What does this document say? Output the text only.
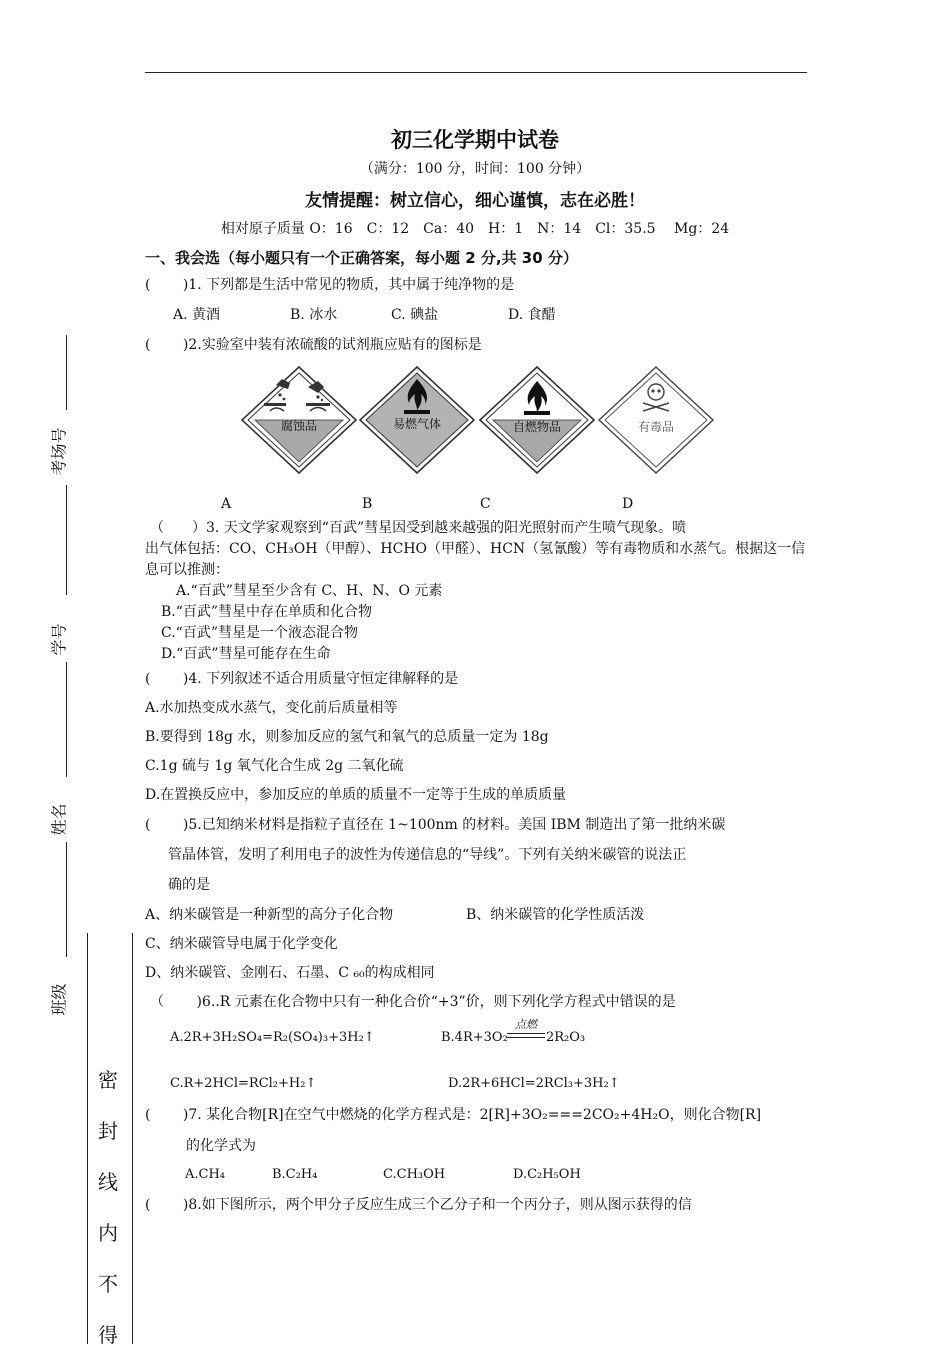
初三化学期中试卷
（满分：100 分，时间：100 分钟）
友情提醒：树立信心，细心谨慎，志在必胜！
相对原子质量 O：16　C：12　Ca：40　H：1　N：14　Cl：35.5　 Mg：24
考场号
学号
姓名
班级
密
封
线
内
不
得
一、我会选（每小题只有一个正确答案，每小题 2 分,共 30 分）
(　　 )1. 下列都是生活中常见的物质，其中属于纯净物的是
A. 黄酒	B. 冰水	C. 碘盐	D. 食醋
(　　 )2.实验室中装有浓硫酸的试剂瓶应贴有的图标是
腐蚀品	易燃气体	自燃物品	有毒品
A	B	C	D
（　　）3. 天文学家观察到“百武”彗星因受到越来越强的阳光照射而产生喷气现象。喷
出气体包括：CO、CH₃OH（甲醇）、HCHO（甲醛）、HCN（氢氰酸）等有毒物质和水蒸气。根据这一信
息可以推测：
A.“百武”彗星至少含有 C、H、N、O 元素
B.“百武”彗星中存在单质和化合物
C.“百武”彗星是一个液态混合物
D.“百武”彗星可能存在生命
(　　 )4. 下列叙述不适合用质量守恒定律解释的是
A.水加热变成水蒸气，变化前后质量相等
B.要得到 18g 水，则参加反应的氢气和氧气的总质量一定为 18g
C.1g 硫与 1g 氧气化合生成 2g 二氧化硫
D.在置换反应中，参加反应的单质的质量不一定等于生成的单质质量
(　　 )5.已知纳米材料是指粒子直径在 1~100nm 的材料。美国 IBM 制造出了第一批纳米碳
管晶体管，发明了利用电子的波性为传递信息的“导线”。下列有关纳米碳管的说法正
确的是
A、纳米碳管是一种新型的高分子化合物	B、纳米碳管的化学性质活泼
C、纳米碳管导电属于化学变化
D、纳米碳管、金刚石、石墨、C ₆₀的构成相同
（　　 )6..R 元素在化合物中只有一种化合价“+3”价，则下列化学方程式中错误的是
A.2R+3H₂SO₄=R₂(SO₄)₃+3H₂↑	B.4R+3O₂
点燃
2R₂O₃
C.R+2HCl=RCl₂+H₂↑	D.2R+6HCl=2RCl₃+3H₂↑
(　　 )7. 某化合物[R]在空气中燃烧的化学方程式是：2[R]+3O₂===2CO₂+4H₂O，则化合物[R]
的化学式为
A.CH₄	B.C₂H₄	C.CH₃OH	D.C₂H₅OH
(　　 )8.如下图所示，两个甲分子反应生成三个乙分子和一个丙分子，则从图示获得的信
